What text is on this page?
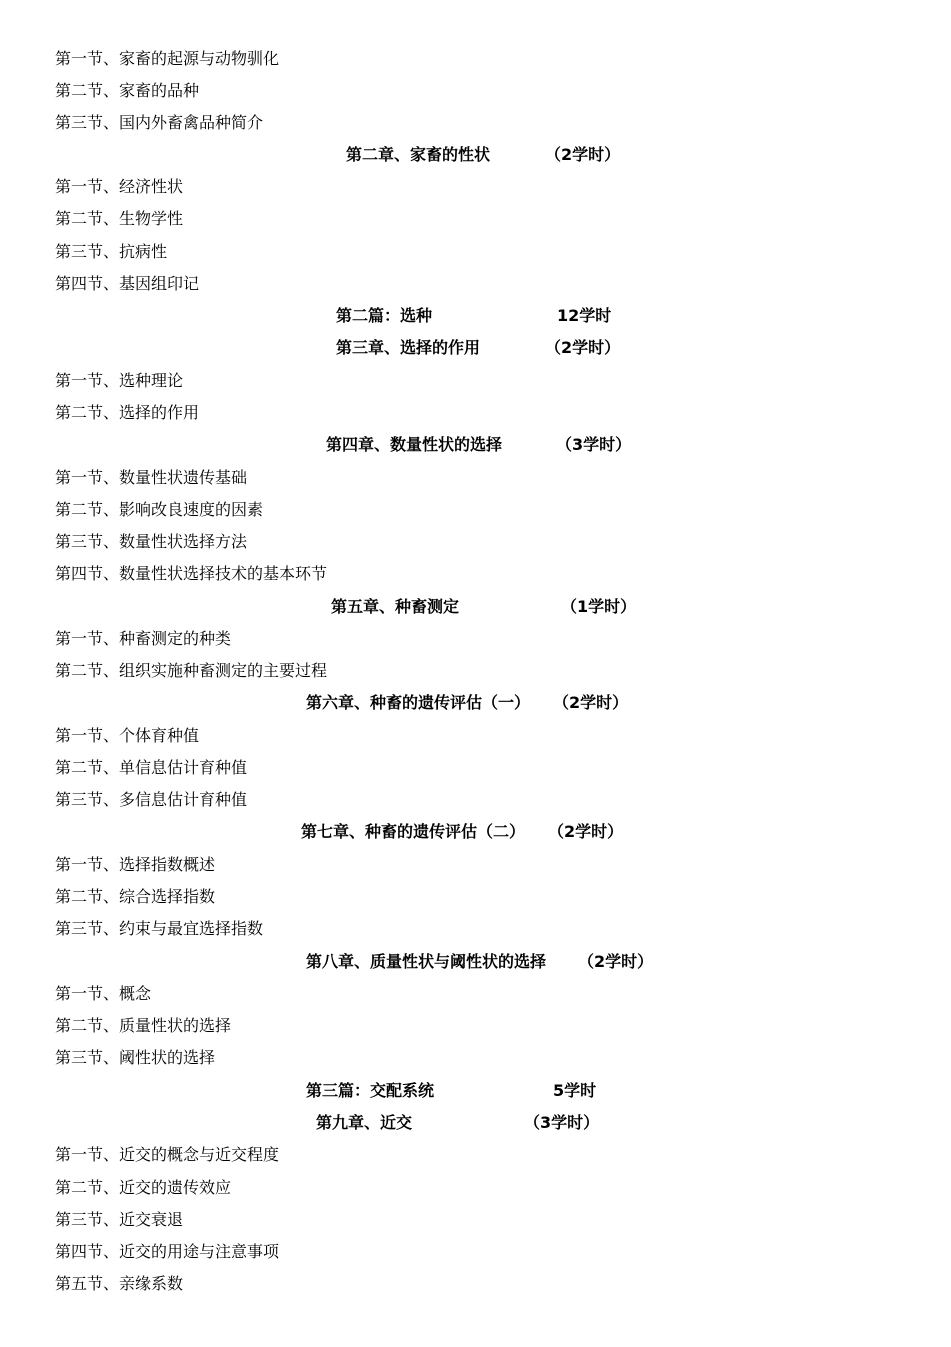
第一节、家畜的起源与动物驯化
第二节、家畜的品种
第三节、国内外畜禽品种简介
第二章、家畜的性状	（2学时）
第一节、经济性状
第二节、生物学性
第三节、抗病性
第四节、基因组印记
第二篇：选种	12学时
第三章、选择的作用	（2学时）
第一节、选种理论
第二节、选择的作用
第四章、数量性状的选择	（3学时）
第一节、数量性状遗传基础
第二节、影响改良速度的因素
第三节、数量性状选择方法
第四节、数量性状选择技术的基本环节
第五章、种畜测定	（1学时）
第一节、种畜测定的种类
第二节、组织实施种畜测定的主要过程
第六章、种畜的遗传评估（一） （2学时）
第一节、个体育种值
第二节、单信息估计育种值
第三节、多信息估计育种值
第七章、种畜的遗传评估（二） （2学时）
第一节、选择指数概述
第二节、综合选择指数
第三节、约束与最宜选择指数
第八章、质量性状与阈性状的选择 （2学时）
第一节、概念
第二节、质量性状的选择
第三节、阈性状的选择
第三篇：交配系统	5学时
第九章、近交	（3学时）
第一节、近交的概念与近交程度
第二节、近交的遗传效应
第三节、近交衰退
第四节、近交的用途与注意事项
第五节、亲缘系数
